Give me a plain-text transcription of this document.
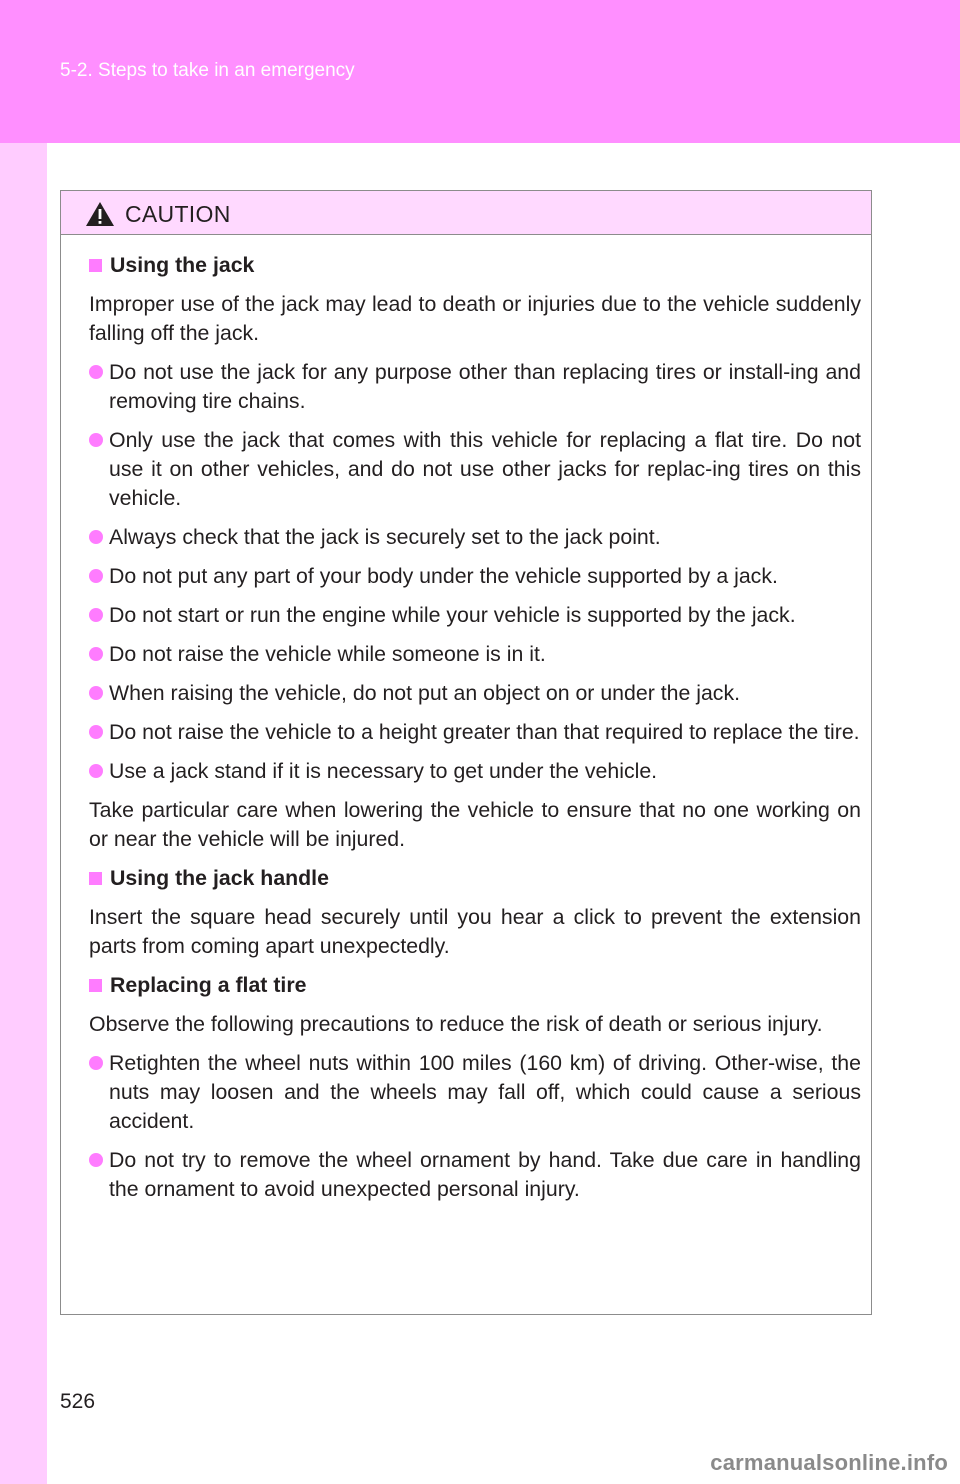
5-2. Steps to take in an emergency
CAUTION
Using the jack
Improper use of the jack may lead to death or injuries due to the vehicle suddenly falling off the jack.
Do not use the jack for any purpose other than replacing tires or install-ing and removing tire chains.
Only use the jack that comes with this vehicle for replacing a flat tire. Do not use it on other vehicles, and do not use other jacks for replac-ing tires on this vehicle.
Always check that the jack is securely set to the jack point.
Do not put any part of your body under the vehicle supported by a jack.
Do not start or run the engine while your vehicle is supported by the jack.
Do not raise the vehicle while someone is in it.
When raising the vehicle, do not put an object on or under the jack.
Do not raise the vehicle to a height greater than that required to replace the tire.
Use a jack stand if it is necessary to get under the vehicle.
Take particular care when lowering the vehicle to ensure that no one working on or near the vehicle will be injured.
Using the jack handle
Insert the square head securely until you hear a click to prevent the extension parts from coming apart unexpectedly.
Replacing a flat tire
Observe the following precautions to reduce the risk of death or serious injury.
Retighten the wheel nuts within 100 miles (160 km) of driving. Other-wise, the nuts may loosen and the wheels may fall off, which could cause a serious accident.
Do not try to remove the wheel ornament by hand. Take due care in handling the ornament to avoid unexpected personal injury.
526
carmanualsonline.info
